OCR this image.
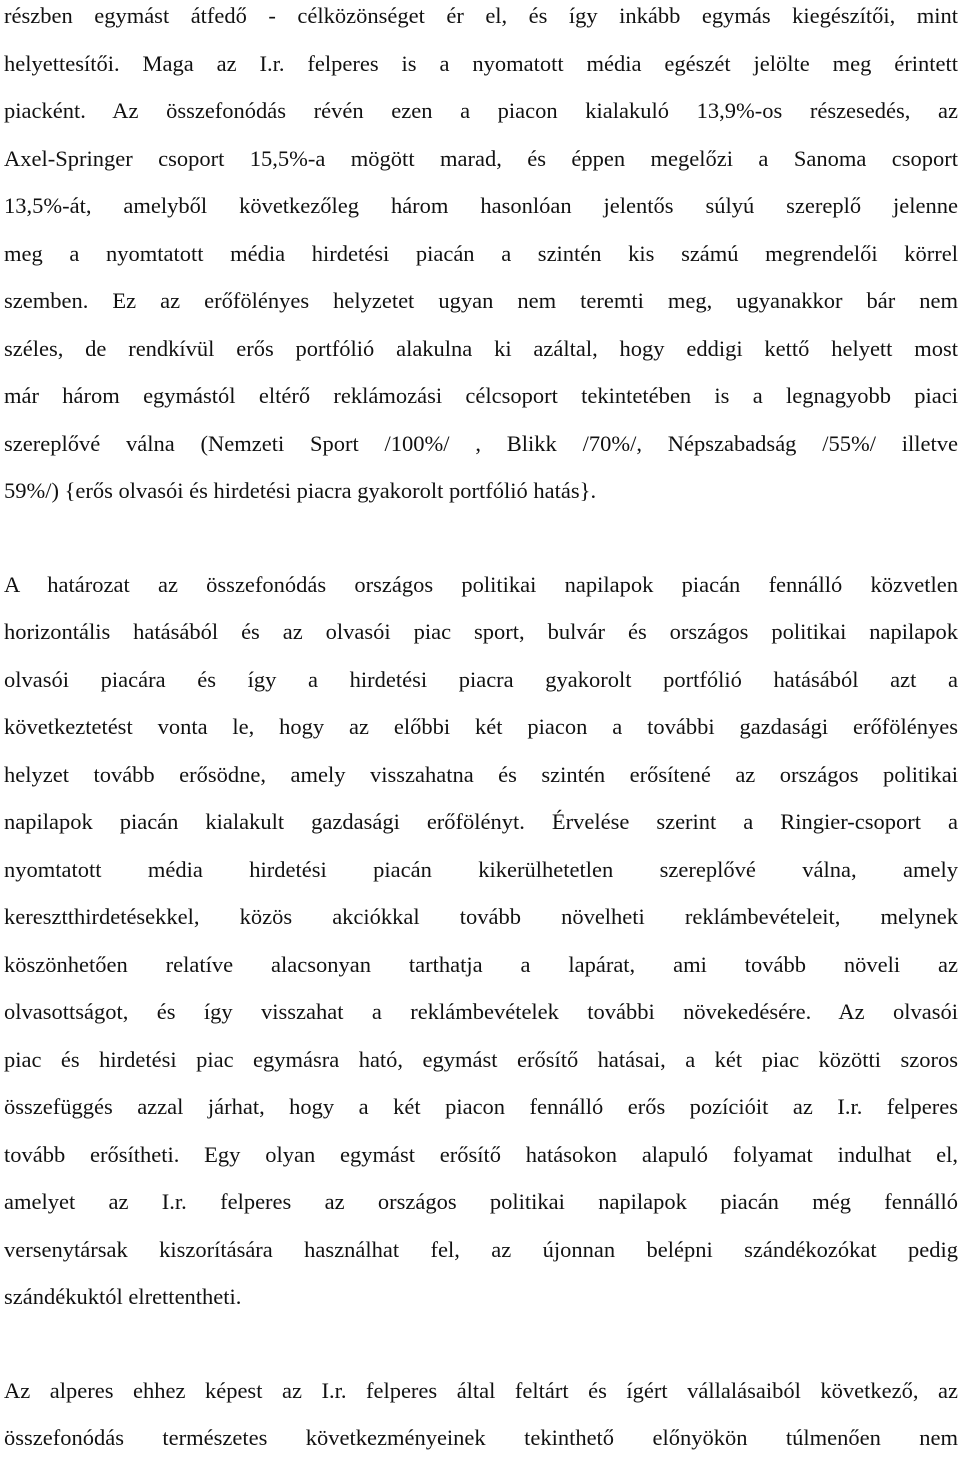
részben egymást átfedő - célközönséget ér el, és így inkább egymás kiegészítői, mint
helyettesítői. Maga az I.r. felperes is a nyomatott média egészét jelölte meg érintett
piacként. Az összefonódás révén ezen a piacon kialakuló 13,9%-os részesedés, az
Axel-Springer csoport 15,5%-a mögött marad, és éppen megelőzi a Sanoma csoport
13,5%-át, amelyből következőleg három hasonlóan jelentős súlyú szereplő jelenne
meg a nyomtatott média hirdetési piacán a szintén kis számú megrendelői körrel
szemben. Ez az erőfölényes helyzetet ugyan nem teremti meg, ugyanakkor bár nem
széles, de rendkívül erős portfólió alakulna ki azáltal, hogy eddigi kettő helyett most
már három egymástól eltérő reklámozási célcsoport tekintetében is a legnagyobb piaci
szereplővé válna (Nemzeti Sport /100%/ , Blikk /70%/, Népszabadság /55%/ illetve
59%/) {erős olvasói és hirdetési piacra gyakorolt portfólió hatás}.
A határozat az összefonódás országos politikai napilapok piacán fennálló közvetlen
horizontális hatásából és az olvasói piac sport, bulvár és országos politikai napilapok
olvasói piacára és így a hirdetési piacra gyakorolt portfólió hatásából azt a
következtetést vonta le, hogy az előbbi két piacon a további gazdasági erőfölényes
helyzet tovább erősödne, amely visszahatna és szintén erősítené az országos politikai
napilapok piacán kialakult gazdasági erőfölényt. Érvelése szerint a Ringier-csoport a
nyomtatott média hirdetési piacán kikerülhetetlen szereplővé válna, amely
keresztthirdetésekkel, közös akciókkal tovább növelheti reklámbevételeit, melynek
köszönhetően relatíve alacsonyan tarthatja a lapárat, ami tovább növeli az
olvasottságot, és így visszahat a reklámbevételek további növekedésére. Az olvasói
piac és hirdetési piac egymásra ható, egymást erősítő hatásai, a két piac közötti szoros
összefüggés azzal járhat, hogy a két piacon fennálló erős pozícióit az I.r. felperes
tovább erősítheti. Egy olyan egymást erősítő hatásokon alapuló folyamat indulhat el,
amelyet az I.r. felperes az országos politikai napilapok piacán még fennálló
versenytársak kiszorítására használhat fel, az újonnan belépni szándékozókat pedig
szándékuktól elrettentheti.
Az alperes ehhez képest az I.r. felperes által feltárt és ígért vállalásaiból következő, az
összefonódás természetes következményeinek tekinthető előnyökön túlmenően nem
